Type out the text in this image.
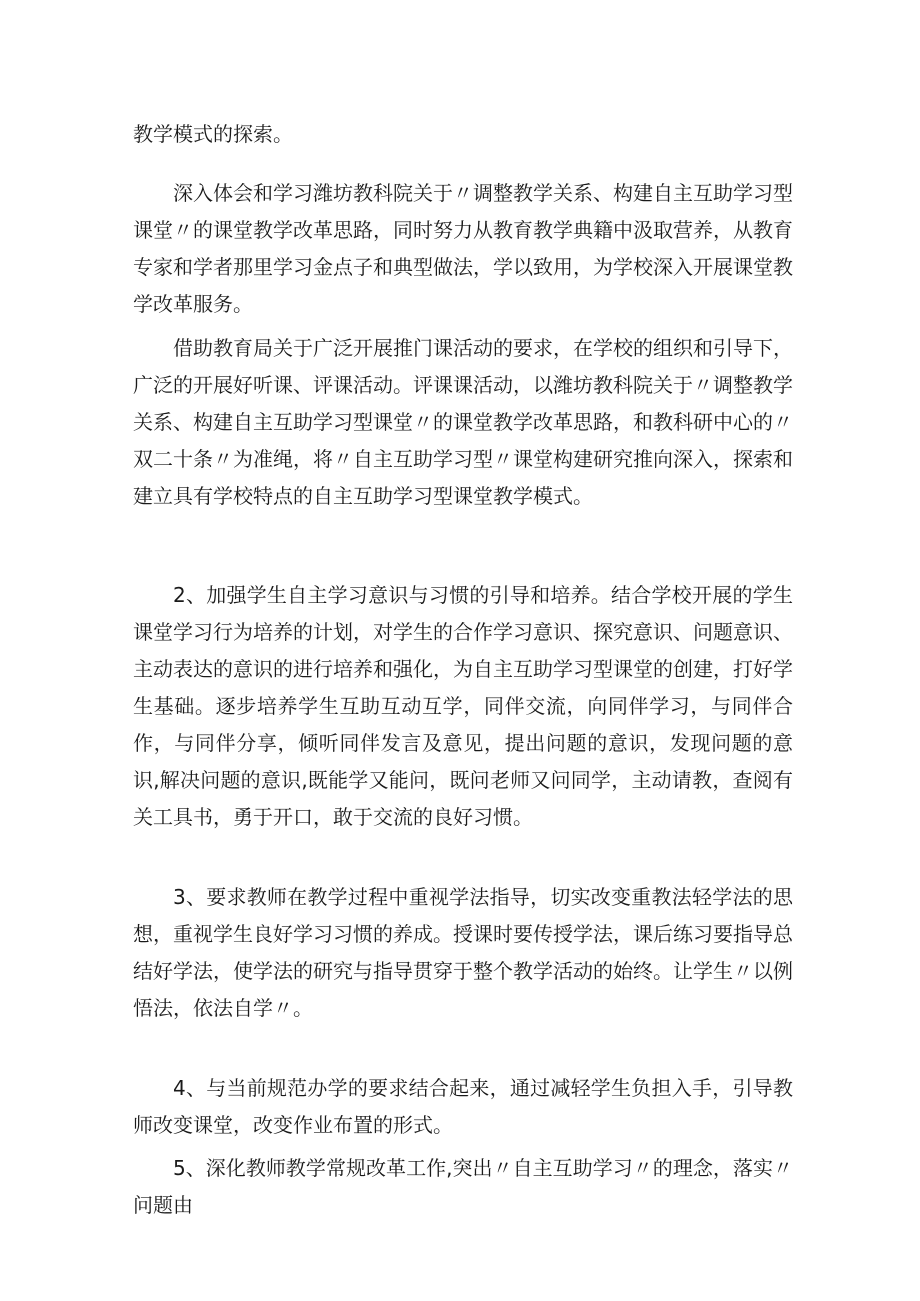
教学模式的探索。

深入体会和学习潍坊教科院关于〃调整教学关系、构建自主互助学习型课堂〃的课堂教学改革思路，同时努力从教育教学典籍中汲取营养，从教育专家和学者那里学习金点子和典型做法，学以致用，为学校深入开展课堂教学改革服务。

借助教育局关于广泛开展推门课活动的要求，在学校的组织和引导下，广泛的开展好听课、评课活动。评课课活动，以潍坊教科院关于〃调整教学关系、构建自主互助学习型课堂〃的课堂教学改革思路，和教科研中心的〃双二十条〃为准绳，将〃自主互助学习型〃课堂构建研究推向深入，探索和建立具有学校特点的自主互助学习型课堂教学模式。

2、加强学生自主学习意识与习惯的引导和培养。结合学校开展的学生课堂学习行为培养的计划，对学生的合作学习意识、探究意识、问题意识、主动表达的意识的进行培养和强化，为自主互助学习型课堂的创建，打好学生基础。逐步培养学生互助互动互学，同伴交流，向同伴学习，与同伴合作，与同伴分享，倾听同伴发言及意见，提出问题的意识，发现问题的意识,解决问题的意识,既能学又能问，既问老师又问同学，主动请教，查阅有关工具书，勇于开口，敢于交流的良好习惯。

3、要求教师在教学过程中重视学法指导，切实改变重教法轻学法的思想，重视学生良好学习习惯的养成。授课时要传授学法，课后练习要指导总结好学法，使学法的研究与指导贯穿于整个教学活动的始终。让学生〃以例悟法，依法自学〃。

4、与当前规范办学的要求结合起来，通过减轻学生负担入手，引导教师改变课堂，改变作业布置的形式。

5、深化教师教学常规改革工作,突出〃自主互助学习〃的理念，落实〃问题由
